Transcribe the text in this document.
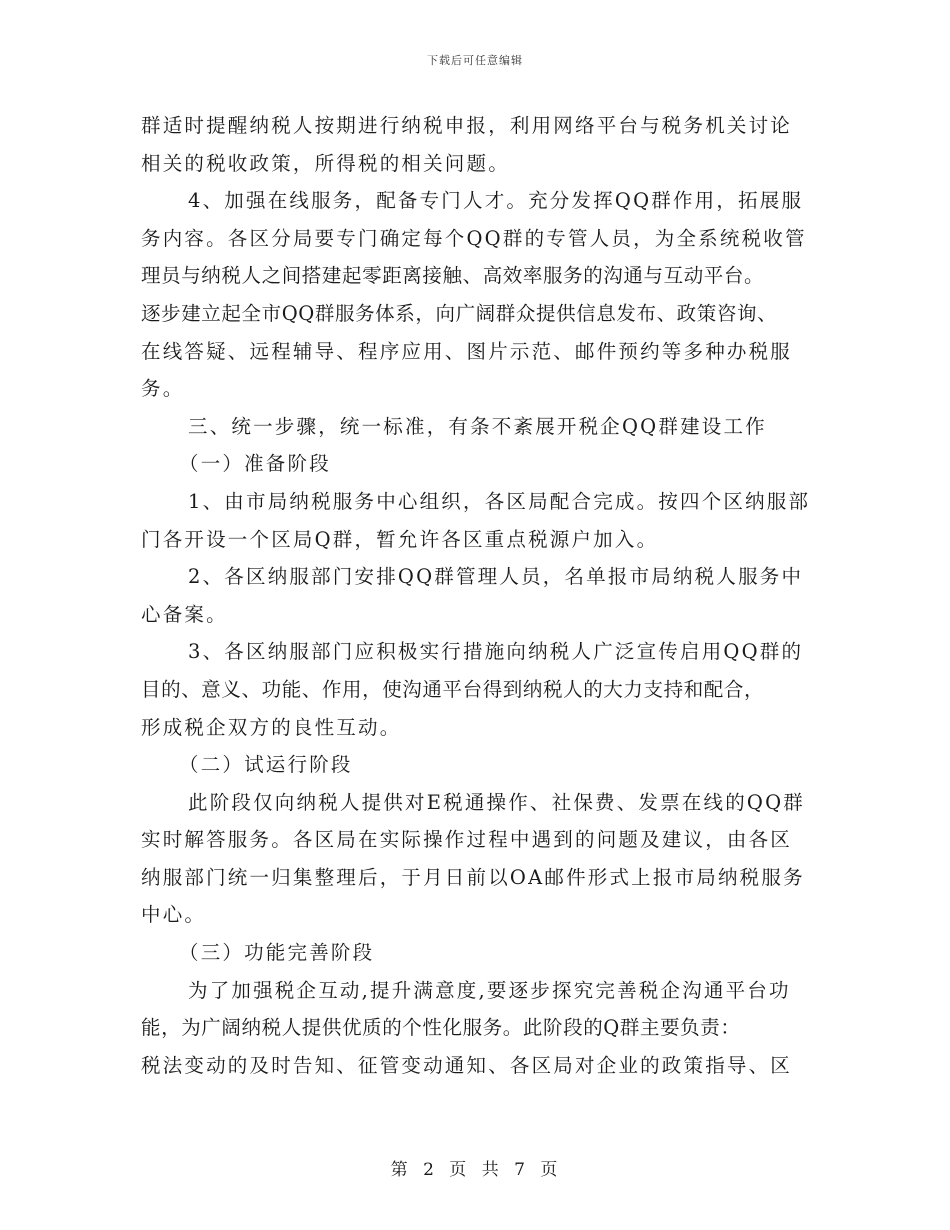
下载后可任意编辑
群适时提醒纳税人按期进行纳税申报，利用网络平台与税务机关讨论
相关的税收政策，所得税的相关问题。
4、加强在线服务，配备专门人才。充分发挥QQ群作用，拓展服
务内容。各区分局要专门确定每个QQ群的专管人员，为全系统税收管
理员与纳税人之间搭建起零距离接触、高效率服务的沟通与互动平台。
逐步建立起全市QQ群服务体系，向广阔群众提供信息发布、政策咨询、
在线答疑、远程辅导、程序应用、图片示范、邮件预约等多种办税服
务。
三、统一步骤，统一标准，有条不紊展开税企QQ群建设工作
（一）准备阶段
1、由市局纳税服务中心组织，各区局配合完成。按四个区纳服部
门各开设一个区局Q群，暂允许各区重点税源户加入。
2、各区纳服部门安排QQ群管理人员，名单报市局纳税人服务中
心备案。
3、各区纳服部门应积极实行措施向纳税人广泛宣传启用QQ群的
目的、意义、功能、作用，使沟通平台得到纳税人的大力支持和配合，
形成税企双方的良性互动。
（二）试运行阶段
此阶段仅向纳税人提供对E税通操作、社保费、发票在线的QQ群
实时解答服务。各区局在实际操作过程中遇到的问题及建议，由各区
纳服部门统一归集整理后，于月日前以OA邮件形式上报市局纳税服务
中心。
（三）功能完善阶段
为了加强税企互动,提升满意度,要逐步探究完善税企沟通平台功
能，为广阔纳税人提供优质的个性化服务。此阶段的Q群主要负责：
税法变动的及时告知、征管变动通知、各区局对企业的政策指导、区
第 2 页 共 7 页
